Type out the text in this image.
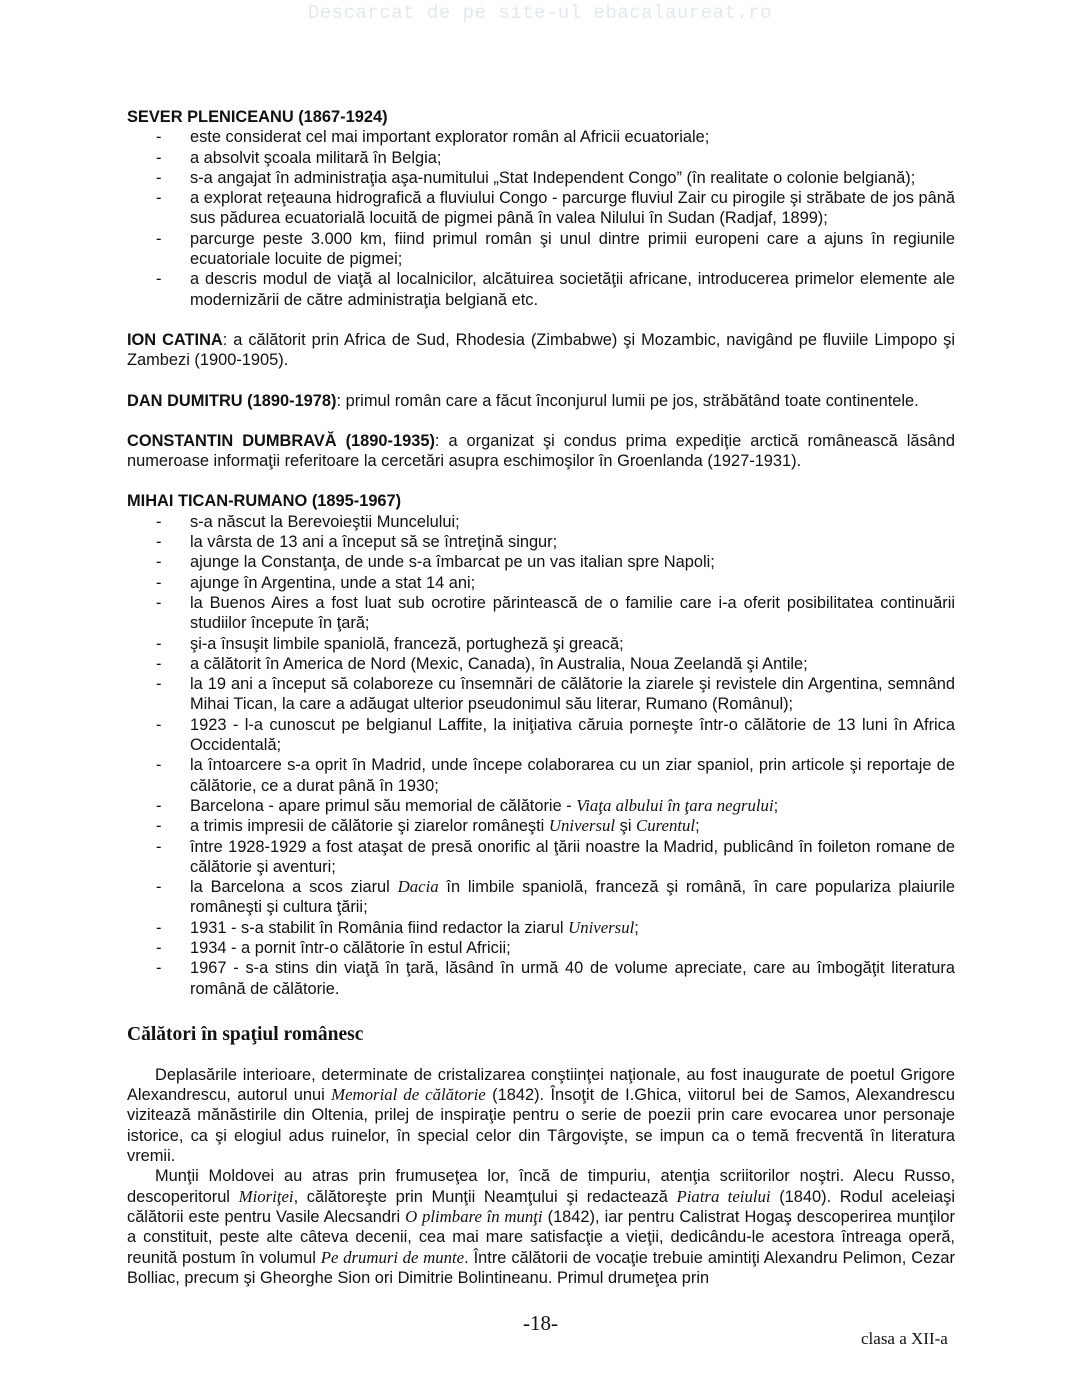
Descarcat de pe site-ul ebacalaureat.ro

SEVER PLENICEANU (1867-1924)

- este considerat cel mai important explorator român al Africii ecuatoriale;
- a absolvit şcoala militară în Belgia;
- s-a angajat în administraţia aşa-numitului „Stat Independent Congo” (în realitate o colonie belgiană);
- a explorat reţeauna hidrografică a fluviului Congo - parcurge fluviul Zair cu pirogile şi străbate de jos până sus pădurea ecuatorială locuită de pigmei până în valea Nilului în Sudan (Radjaf, 1899);
- parcurge peste 3.000 km, fiind primul român şi unul dintre primii europeni care a ajuns în regiunile ecuatoriale locuite de pigmei;
- a descris modul de viaţă al localnicilor, alcătuirea societăţii africane, introducerea primelor elemente ale modernizării de către administraţia belgiană etc.

ION CATINA: a călătorit prin Africa de Sud, Rhodesia (Zimbabwe) şi Mozambic, navigând pe fluviile Limpopo şi Zambezi (1900-1905).

DAN DUMITRU (1890-1978): primul român care a făcut înconjurul lumii pe jos, străbătând toate continentele.

CONSTANTIN DUMBRAVĂ (1890-1935): a organizat şi condus prima expediţie arctică românească lăsând numeroase informaţii referitoare la cercetări asupra eschimoşilor în Groenlanda (1927-1931).

MIHAI TICAN-RUMANO (1895-1967)

- s-a născut la Berevoieştii Muncelului;
- la vârsta de 13 ani a început să se întreţină singur;
- ajunge la Constanţa, de unde s-a îmbarcat pe un vas italian spre Napoli;
- ajunge în Argentina, unde a stat 14 ani;
- la Buenos Aires a fost luat sub ocrotire părintească de o familie care i-a oferit posibilitatea continuării studiilor începute în ţară;
- şi-a însuşit limbile spaniolă, franceză, portugheză şi greacă;
- a călătorit în America de Nord (Mexic, Canada), în Australia, Noua Zeelandă şi Antile;
- la 19 ani a început să colaboreze cu însemnări de călătorie la ziarele şi revistele din Argentina, semnând Mihai Tican, la care a adăugat ulterior pseudonimul său literar, Rumano (Românul);
- 1923 - l-a cunoscut pe belgianul Laffite, la iniţiativa căruia porneşte într-o călătorie de 13 luni în Africa Occidentală;
- la întoarcere s-a oprit în Madrid, unde începe colaborarea cu un ziar spaniol, prin articole şi reportaje de călătorie, ce a durat până în 1930;
- Barcelona - apare primul său memorial de călătorie - Viaţa albului în ţara negrului;
- a trimis impresii de călătorie şi ziarelor româneşti Universul şi Curentul;
- între 1928-1929 a fost ataşat de presă onorific al ţării noastre la Madrid, publicând în foileton romane de călătorie şi aventuri;
- la Barcelona a scos ziarul Dacia în limbile spaniolă, franceză şi română, în care populariza plaiurile româneşti şi cultura ţării;
- 1931 - s-a stabilit în România fiind redactor la ziarul Universul;
- 1934 - a pornit într-o călătorie în estul Africii;
- 1967 - s-a stins din viaţă în ţară, lăsând în urmă 40 de volume apreciate, care au îmbogăţit literatura română de călătorie.

Călători în spaţiul românesc

Deplasările interioare, determinate de cristalizarea conştiinţei naţionale, au fost inaugurate de poetul Grigore Alexandrescu, autorul unui Memorial de călătorie (1842). Însoţit de I.Ghica, viitorul bei de Samos, Alexandrescu vizitează mănăstirile din Oltenia, prilej de inspiraţie pentru o serie de poezii prin care evocarea unor personaje istorice, ca şi elogiul adus ruinelor, în special celor din Târgovişte, se impun ca o temă frecventă în literatura vremii.

Munţii Moldovei au atras prin frumuseţea lor, încă de timpuriu, atenţia scriitorilor noştri. Alecu Russo, descoperitorul Mioriţei, călătoreşte prin Munţii Neamţului şi redactează Piatra teiului (1840). Rodul aceleiaşi călătorii este pentru Vasile Alecsandri O plimbare în munţi (1842), iar pentru Calistrat Hogaş descoperirea munţilor a constituit, peste alte câteva decenii, cea mai mare satisfacţie a vieţii, dedicându-le acestora întreaga operă, reunită postum în volumul Pe drumuri de munte. Între călătorii de vocaţie trebuie amintiţi Alexandru Pelimon, Cezar Bolliac, precum şi Gheorghe Sion ori Dimitrie Bolintineanu. Primul drumeţea prin

-18-
clasa a XII-a
